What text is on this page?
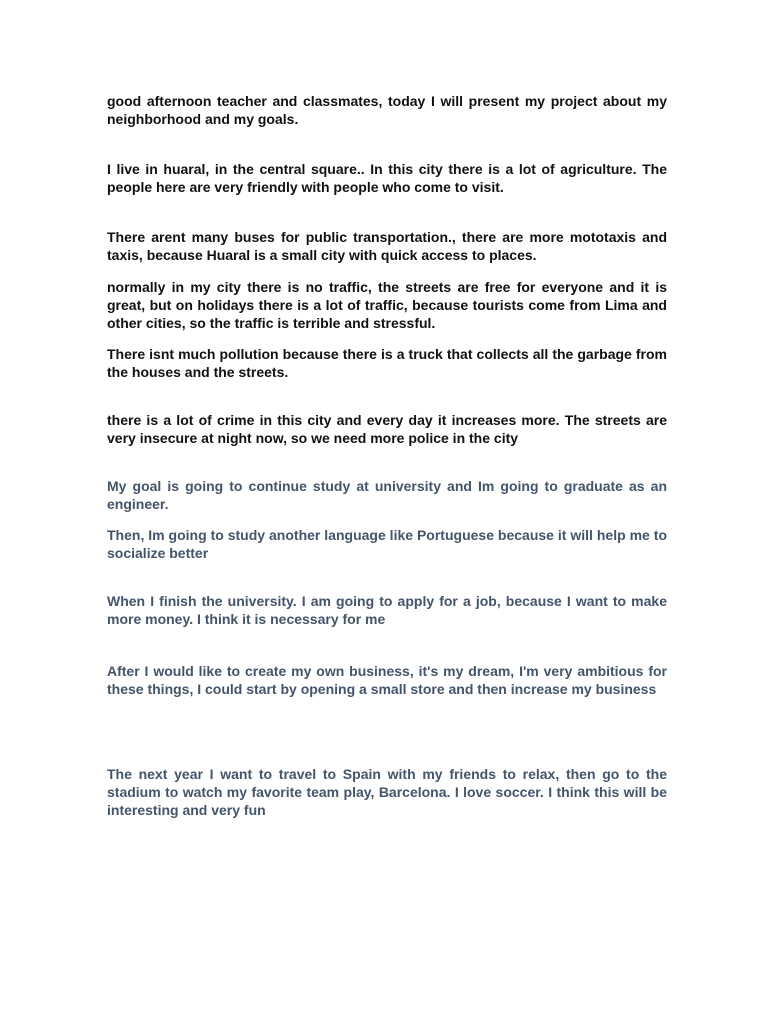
good afternoon teacher and classmates, today I will present my project about my neighborhood and my goals.

I live in huaral, in the central square.. In this city there is a lot of agriculture. The people here are very friendly with people who come to visit.

There arent many buses for public transportation., there are more mototaxis and taxis, because Huaral is a small city with quick access to places.

normally in my city there is no traffic, the streets are free for everyone and it is great, but on holidays there is a lot of traffic, because tourists come from Lima and other cities, so the traffic is terrible and stressful.

There isnt much pollution because there is a truck that collects all the garbage from the houses and the streets.

there is a lot of crime in this city and every day it increases more. The streets are very insecure at night now, so we need more police in the city

My goal is going to continue study at university and Im going to graduate as an engineer.

Then, Im going to study another language like Portuguese because it will help me to socialize better

When I finish the university. I am going to apply for a job, because I want to make more money. I think it is necessary for me

After I would like to create my own business, it's my dream, I'm very ambitious for these things, I could start by opening a small store and then increase my business

The next year I want to travel to Spain with my friends to relax, then go to the stadium to watch my favorite team play, Barcelona. I love soccer. I think this will be interesting and very fun
